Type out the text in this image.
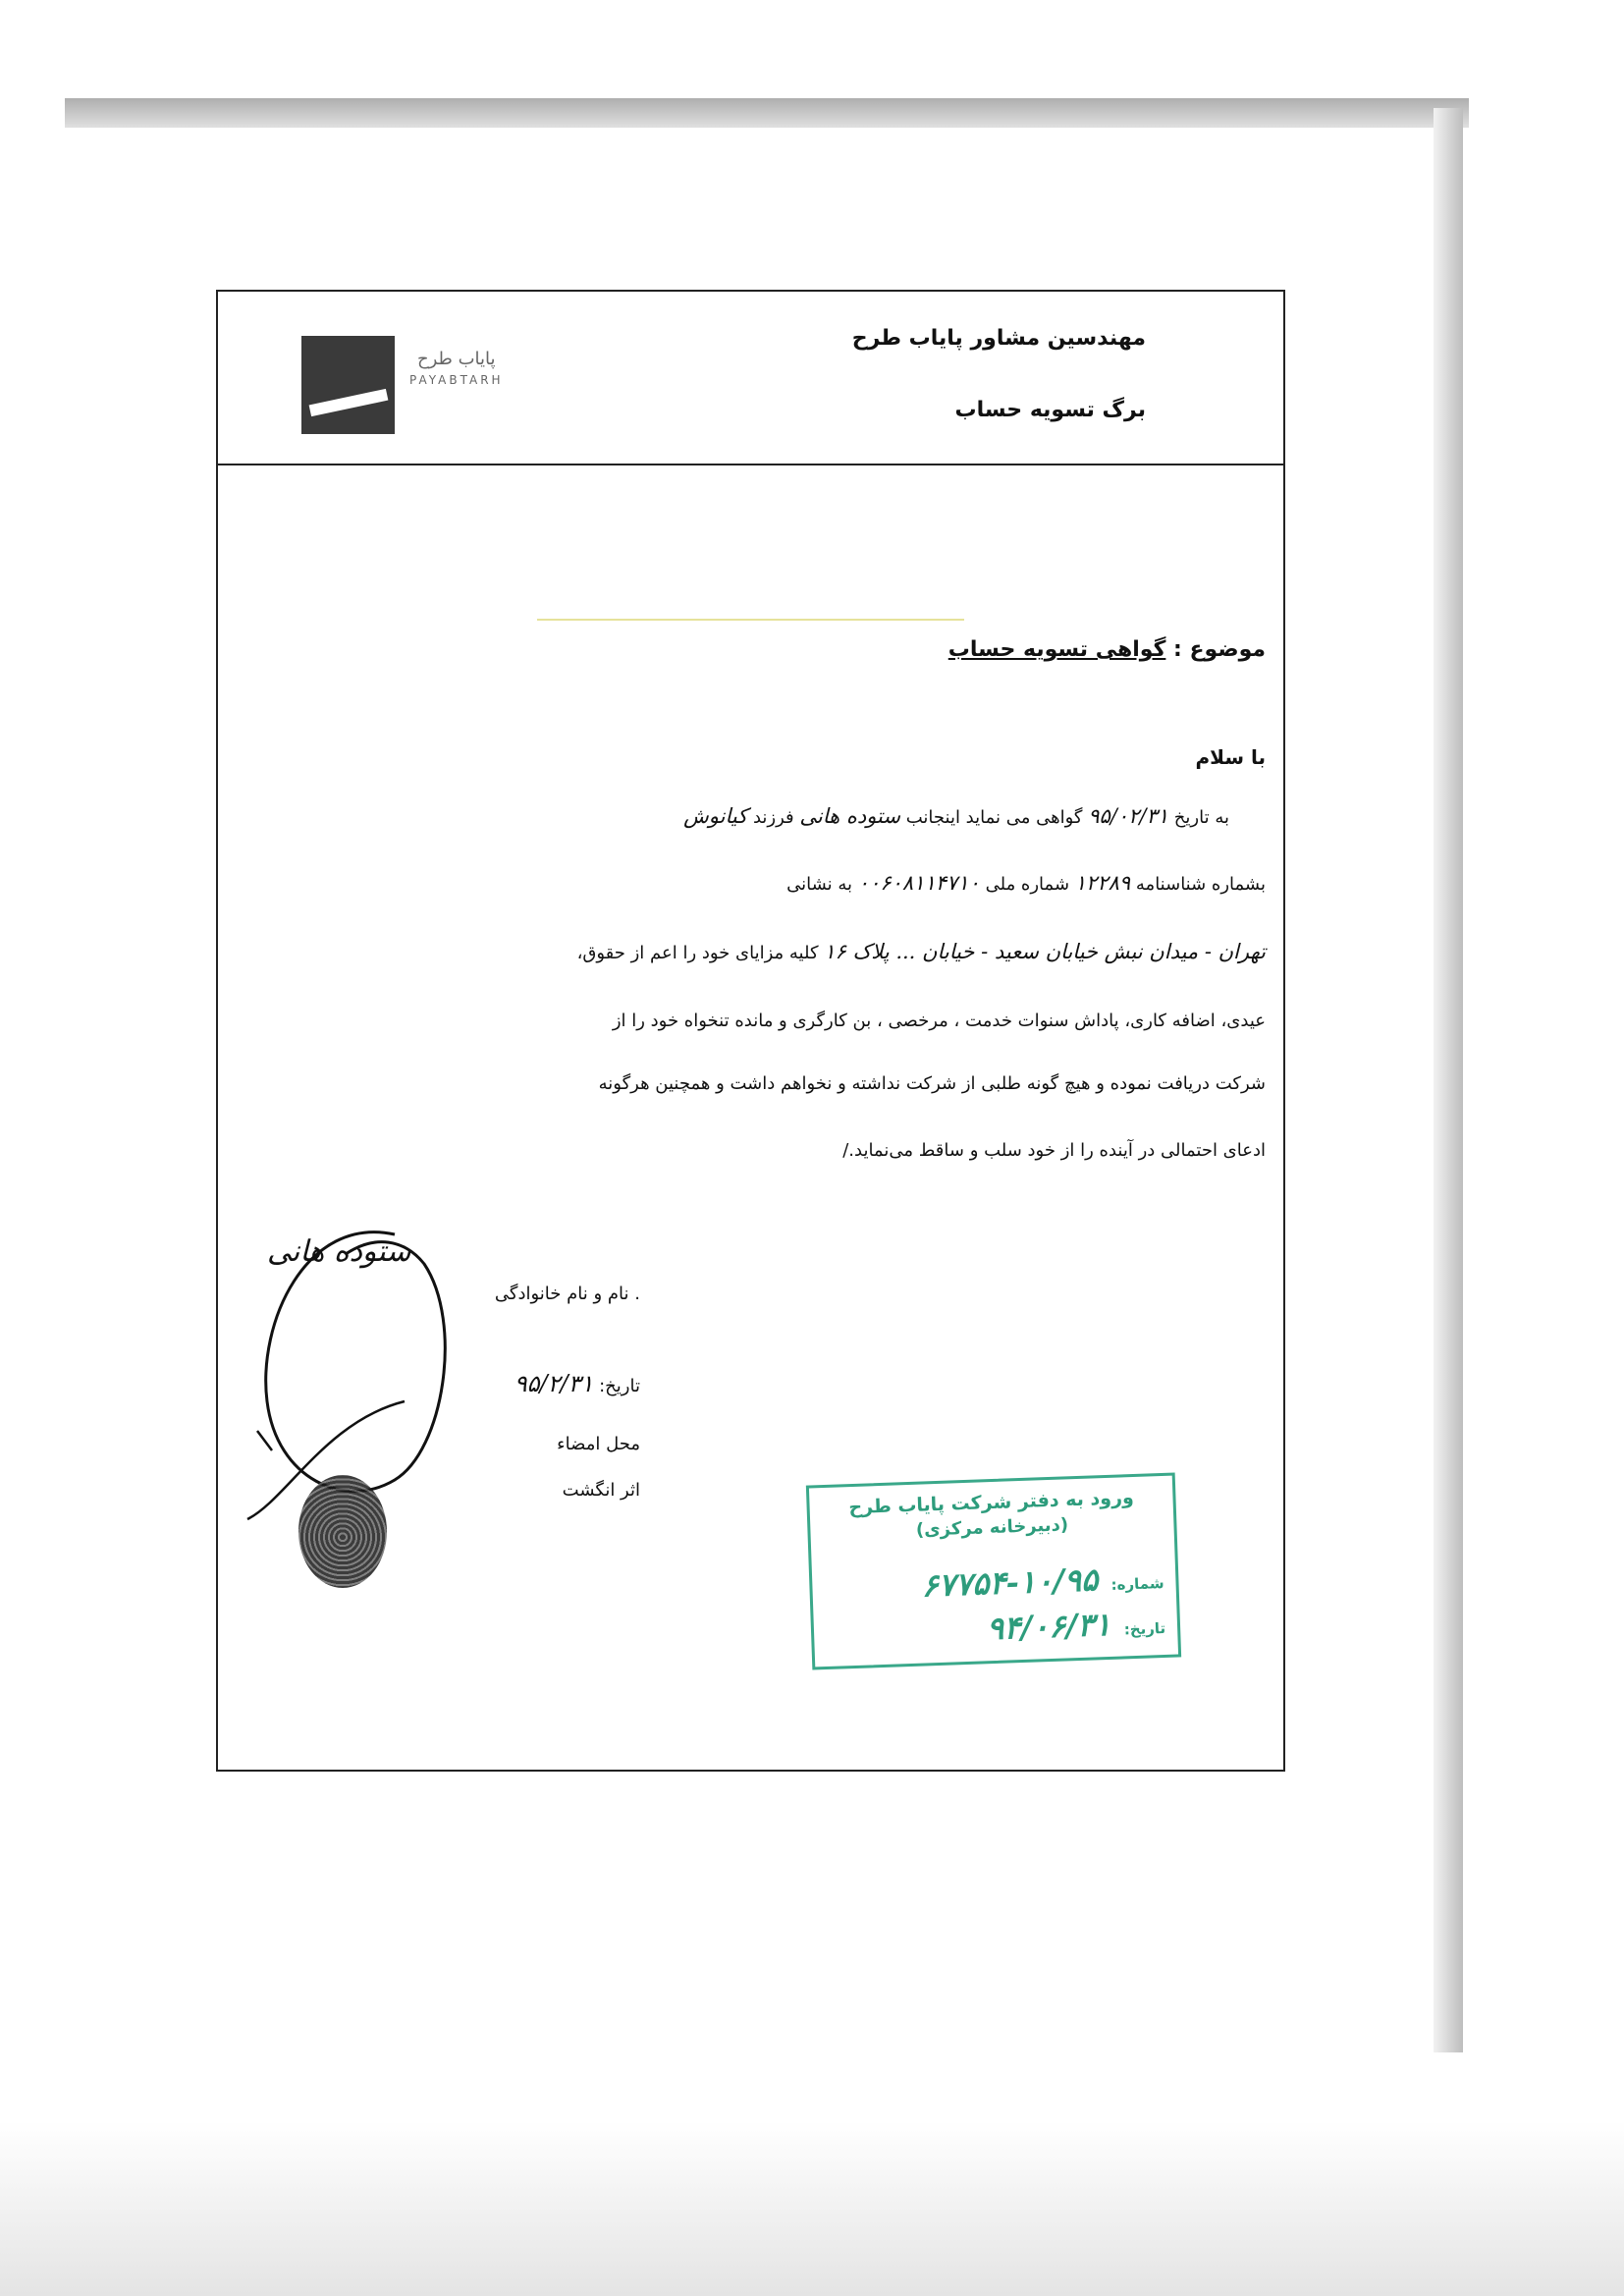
مهندسین مشاور پایاب طرح
برگ تسویه حساب
پایاب طرح
PAYABTARH
موضوع : گواهی تسویه حساب
با سلام
به تاریخ ۹۵/۰۲/۳۱ گواهی می نماید اینجانب ستوده هانی فرزند کیانوش
بشماره شناسنامه ۱۲۲۸۹ شماره ملی ۰۰۶۰۸۱۱۴۷۱۰ به نشانی
تهران - میدان نبش خیابان سعید - خیابان ... پلاک ۱۶ کلیه مزایای خود را اعم از حقوق،
عیدی، اضافه کاری، پاداش سنوات خدمت ، مرخصی ، بن کارگری و مانده تنخواه خود را از
شرکت دریافت نموده و هیچ گونه طلبی از شرکت نداشته و نخواهم داشت و همچنین هرگونه
ادعای احتمالی در آینده را از خود سلب و ساقط می‌نماید./
ستوده هانی
. نام و نام خانوادگی
تاریخ: ۹۵/۲/۳۱
محل امضاء
اثر انگشت	ورود به دفتر شرکت پایاب طرح
(دبیرخانه مرکزی)
شماره: ۱۰/۹۵-۶۷۷۵۴
تاریخ: ۹۴/۰۶/۳۱
